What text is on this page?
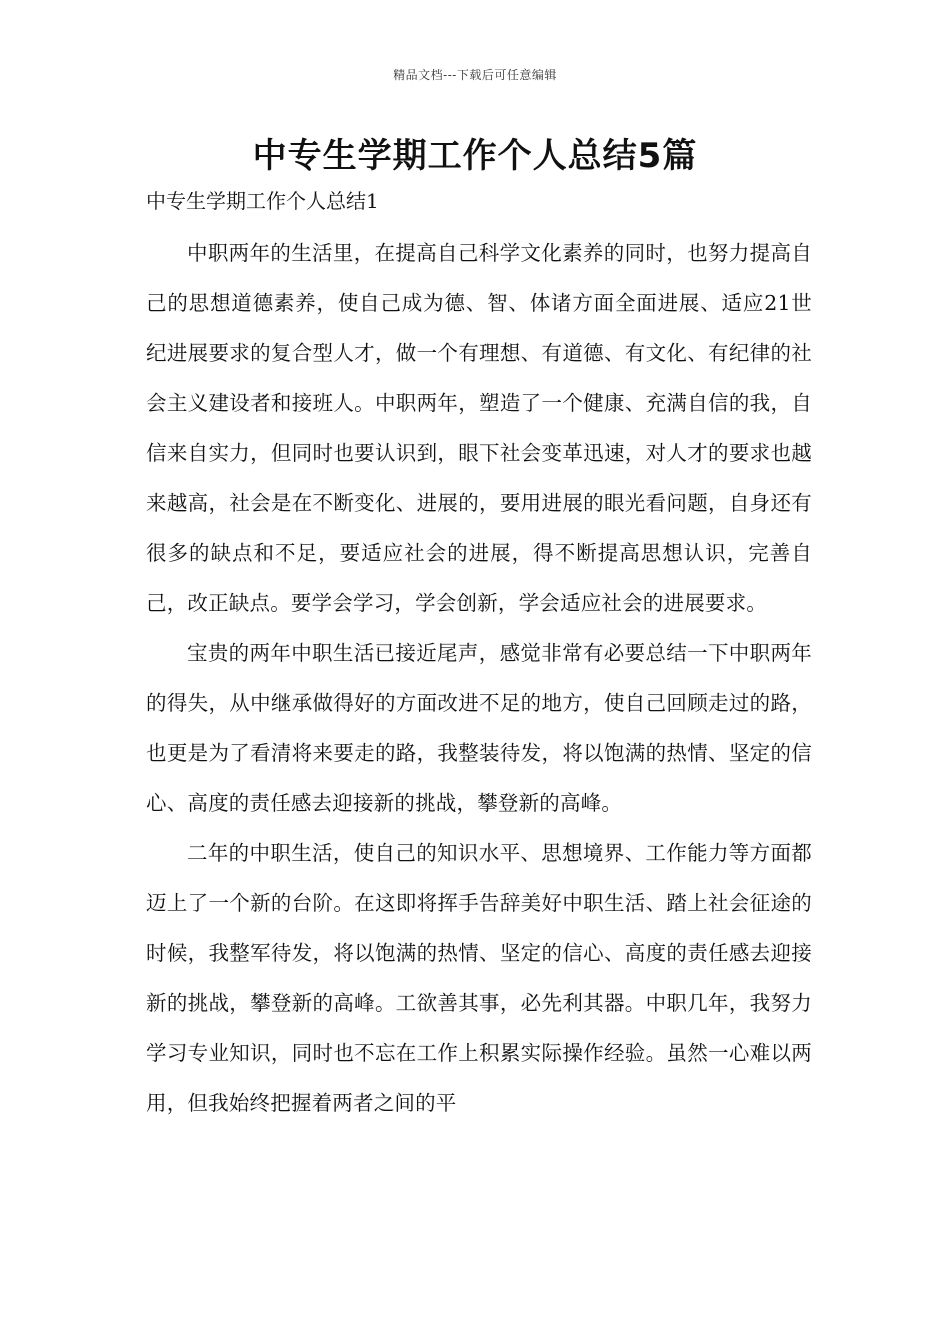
精品文档---下载后可任意编辑
中专生学期工作个人总结5篇
中专生学期工作个人总结1

中职两年的生活里，在提高自己科学文化素养的同时，也努力提高自己的思想道德素养，使自己成为德、智、体诸方面全面进展、适应21世纪进展要求的复合型人才，做一个有理想、有道德、有文化、有纪律的社会主义建设者和接班人。中职两年，塑造了一个健康、充满自信的我，自信来自实力，但同时也要认识到，眼下社会变革迅速，对人才的要求也越来越高，社会是在不断变化、进展的，要用进展的眼光看问题，自身还有很多的缺点和不足，要适应社会的进展，得不断提高思想认识，完善自己，改正缺点。要学会学习，学会创新，学会适应社会的进展要求。

宝贵的两年中职生活已接近尾声，感觉非常有必要总结一下中职两年的得失，从中继承做得好的方面改进不足的地方，使自己回顾走过的路，也更是为了看清将来要走的路，我整装待发，将以饱满的热情、坚定的信心、高度的责任感去迎接新的挑战，攀登新的高峰。

二年的中职生活，使自己的知识水平、思想境界、工作能力等方面都迈上了一个新的台阶。在这即将挥手告辞美好中职生活、踏上社会征途的时候，我整军待发，将以饱满的热情、坚定的信心、高度的责任感去迎接新的挑战，攀登新的高峰。工欲善其事，必先利其器。中职几年，我努力学习专业知识，同时也不忘在工作上积累实际操作经验。虽然一心难以两用，但我始终把握着两者之间的平
